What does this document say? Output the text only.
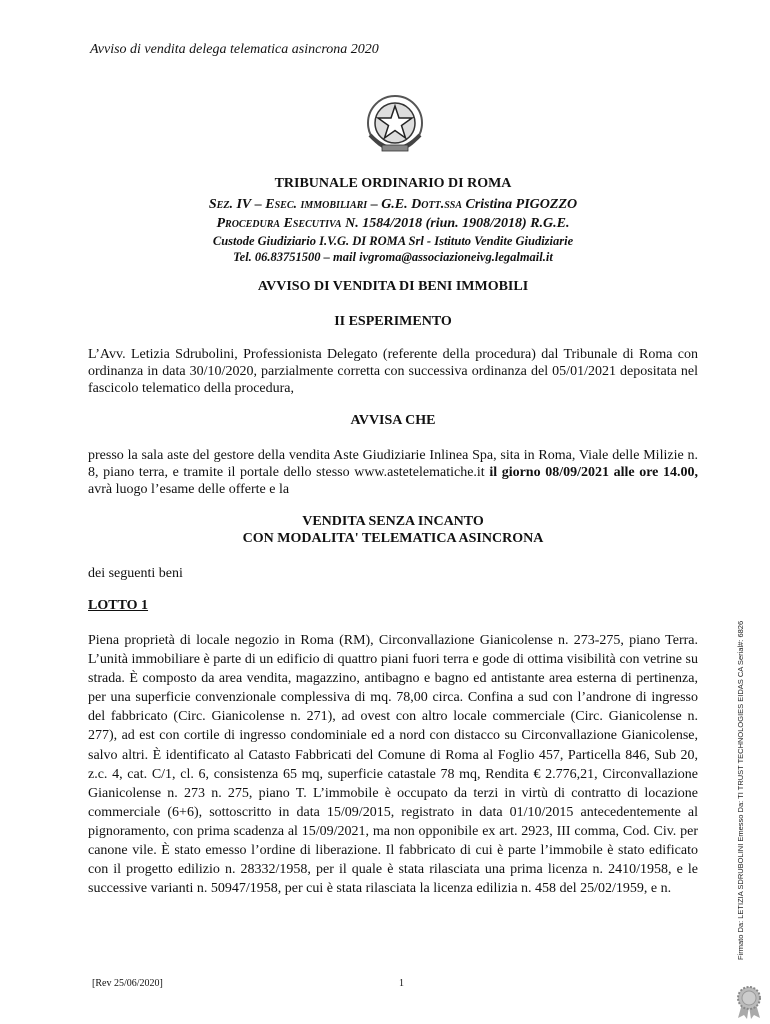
Avviso di vendita delega telematica asincrona 2020
TRIBUNALE ORDINARIO DI ROMA
Sez. IV – Esec. immobiliari – G.E. Dott.ssa Cristina PIGOZZO
Procedura Esecutiva N. 1584/2018 (riun. 1908/2018) R.G.E.
Custode Giudiziario I.V.G. DI ROMA Srl - Istituto Vendite Giudiziarie
Tel. 06.83751500 – mail ivgroma@associazioneivg.legalmail.it
AVVISO DI VENDITA DI BENI IMMOBILI
II ESPERIMENTO
L’Avv. Letizia Sdrubolini, Professionista Delegato (referente della procedura) dal Tribunale di Roma con ordinanza in data 30/10/2020, parzialmente corretta con successiva ordinanza del 05/01/2021 depositata nel fascicolo telematico della procedura,
AVVISA CHE
presso la sala aste del gestore della vendita Aste Giudiziarie Inlinea Spa, sita in Roma, Viale delle Milizie n. 8, piano terra, e tramite il portale dello stesso www.astetelematiche.it il giorno 08/09/2021 alle ore 14.00, avrà luogo l’esame delle offerte e la
VENDITA SENZA INCANTO
CON MODALITA' TELEMATICA ASINCRONA
dei seguenti beni
LOTTO 1
Piena proprietà di locale negozio in Roma (RM), Circonvallazione Gianicolense n. 273-275, piano Terra. L’unità immobiliare è parte di un edificio di quattro piani fuori terra e gode di ottima visibilità con vetrine su strada. È composto da area vendita, magazzino, antibagno e bagno ed antistante area esterna di pertinenza, per una superficie convenzionale complessiva di mq. 78,00 circa. Confina a sud con l’androne di ingresso del fabbricato (Circ. Gianicolense n. 271), ad ovest con altro locale commerciale (Circ. Gianicolense n. 277), ad est con cortile di ingresso condominiale ed a nord con distacco su Circonvallazione Gianicolense, salvo altri. È identificato al Catasto Fabbricati del Comune di Roma al Foglio 457, Particella 846, Sub 20, z.c. 4, cat. C/1, cl. 6, consistenza 65 mq, superficie catastale 78 mq, Rendita € 2.776,21, Circonvallazione Gianicolense n. 273 n. 275, piano T. L’immobile è occupato da terzi in virtù di contratto di locazione commerciale (6+6), sottoscritto in data 15/09/2015, registrato in data 01/10/2015 antecedentemente al pignoramento, con prima scadenza al 15/09/2021, ma non opponibile ex art. 2923, III comma, Cod. Civ. per canone vile. È stato emesso l’ordine di liberazione. Il fabbricato di cui è parte l’immobile è stato edificato con il progetto edilizio n. 28332/1958, per il quale è stata rilasciata una prima licenza n. 2410/1958, e le successive varianti n. 50947/1958, per cui è stata rilasciata la licenza edilizia n. 458 del 25/02/1959, e n.
[Rev 25/06/2020]	1
Firmato Da: LETIZIA SDRUBOLINI Emesso Da: TI TRUST TECHNOLOGIES EIDAS CA Serial#: 6826
